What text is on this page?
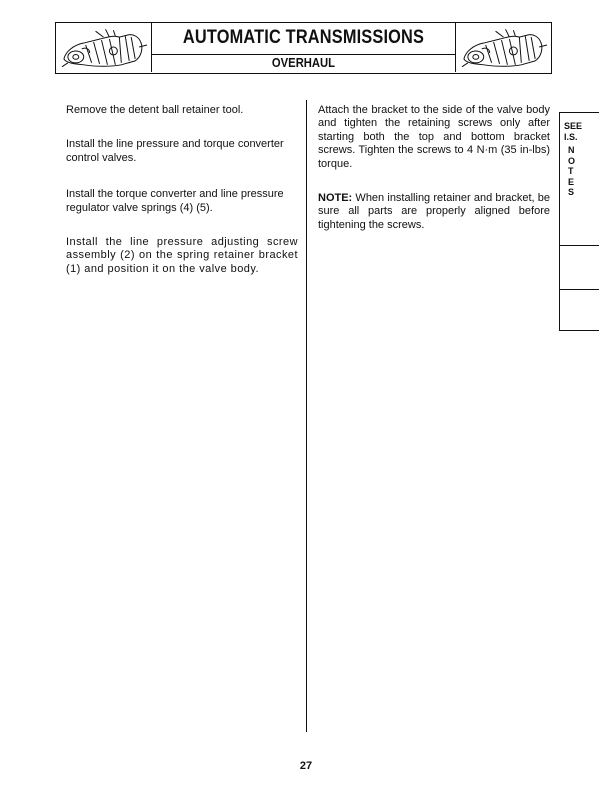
AUTOMATIC TRANSMISSIONS
OVERHAUL

Remove the detent ball retainer tool.

Install the line pressure and torque converter control valves.

Install the torque converter and line pressure regulator valve springs (4) (5).

Install the line pressure adjusting screw assembly (2) on the spring retainer bracket (1) and position it on the valve body.

Attach the bracket to the side of the valve body and tighten the retaining screws only after starting both the top and bottom bracket screws. Tighten the screws to 4 N·m (35 in-lbs) torque.

NOTE: When installing retainer and bracket, be sure all parts are properly aligned before tightening the screws.

SEE
I.S.
N
O
T
E
S
27
